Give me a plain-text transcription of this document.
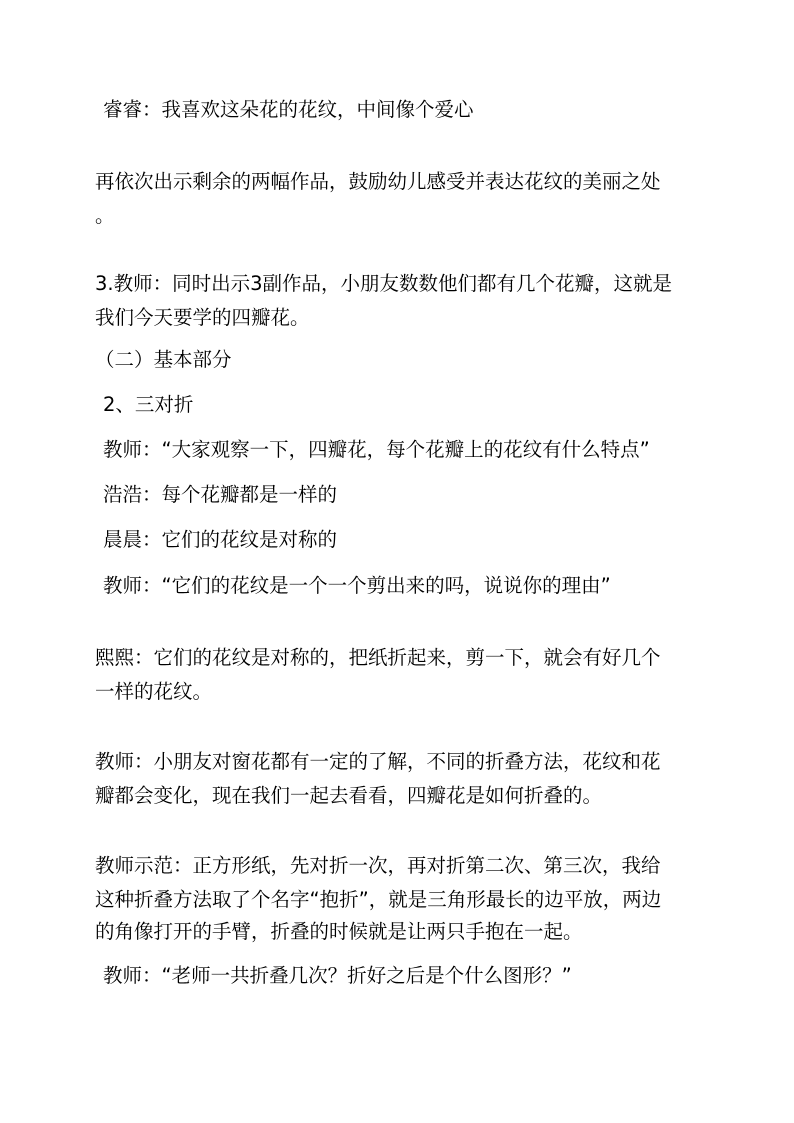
睿睿：我喜欢这朵花的花纹，中间像个爱心
再依次出示剩余的两幅作品，鼓励幼儿感受并表达花纹的美丽之处
。
3.教师：同时出示3副作品，小朋友数数他们都有几个花瓣，这就是
我们今天要学的四瓣花。
（二）基本部分
2、三对折
教师：“大家观察一下，四瓣花，每个花瓣上的花纹有什么特点”
浩浩：每个花瓣都是一样的
晨晨：它们的花纹是对称的
教师：“它们的花纹是一个一个剪出来的吗，说说你的理由”
熙熙：它们的花纹是对称的，把纸折起来，剪一下，就会有好几个
一样的花纹。
教师：小朋友对窗花都有一定的了解，不同的折叠方法，花纹和花
瓣都会变化，现在我们一起去看看，四瓣花是如何折叠的。
教师示范：正方形纸，先对折一次，再对折第二次、第三次，我给
这种折叠方法取了个名字“抱折”，就是三角形最长的边平放，两边
的角像打开的手臂，折叠的时候就是让两只手抱在一起。
教师：“老师一共折叠几次？折好之后是个什么图形？”
